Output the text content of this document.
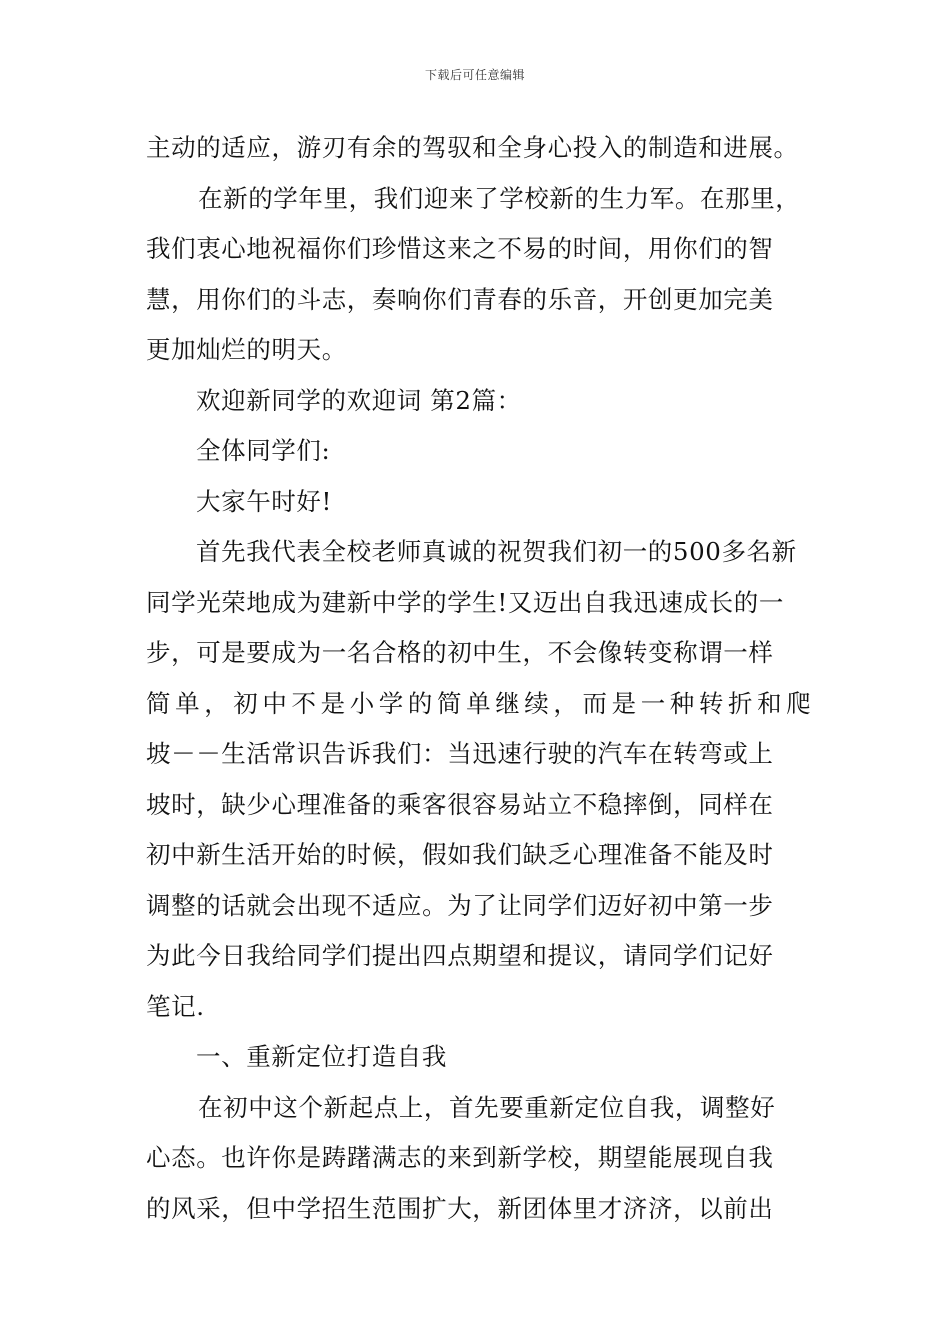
下载后可任意编辑

主动的适应，游刃有余的驾驭和全身心投入的制造和进展。

在新的学年里，我们迎来了学校新的生力军。在那里，

我们衷心地祝福你们珍惜这来之不易的时间，用你们的智

慧，用你们的斗志，奏响你们青春的乐音，开创更加完美

更加灿烂的明天。

欢迎新同学的欢迎词 第2篇：

全体同学们:

大家午时好!

首先我代表全校老师真诚的祝贺我们初一的500多名新

同学光荣地成为建新中学的学生!又迈出自我迅速成长的一

步，可是要成为一名合格的初中生，不会像转变称谓一样

简单，初中不是小学的简单继续，而是一种转折和爬

坡－－生活常识告诉我们：当迅速行驶的汽车在转弯或上

坡时，缺少心理准备的乘客很容易站立不稳摔倒，同样在

初中新生活开始的时候，假如我们缺乏心理准备不能及时

调整的话就会出现不适应。为了让同学们迈好初中第一步

为此今日我给同学们提出四点期望和提议，请同学们记好

笔记.

一、重新定位打造自我

在初中这个新起点上，首先要重新定位自我，调整好

心态。也许你是踌躇满志的来到新学校，期望能展现自我

的风采，但中学招生范围扩大，新团体里才济济，以前出
